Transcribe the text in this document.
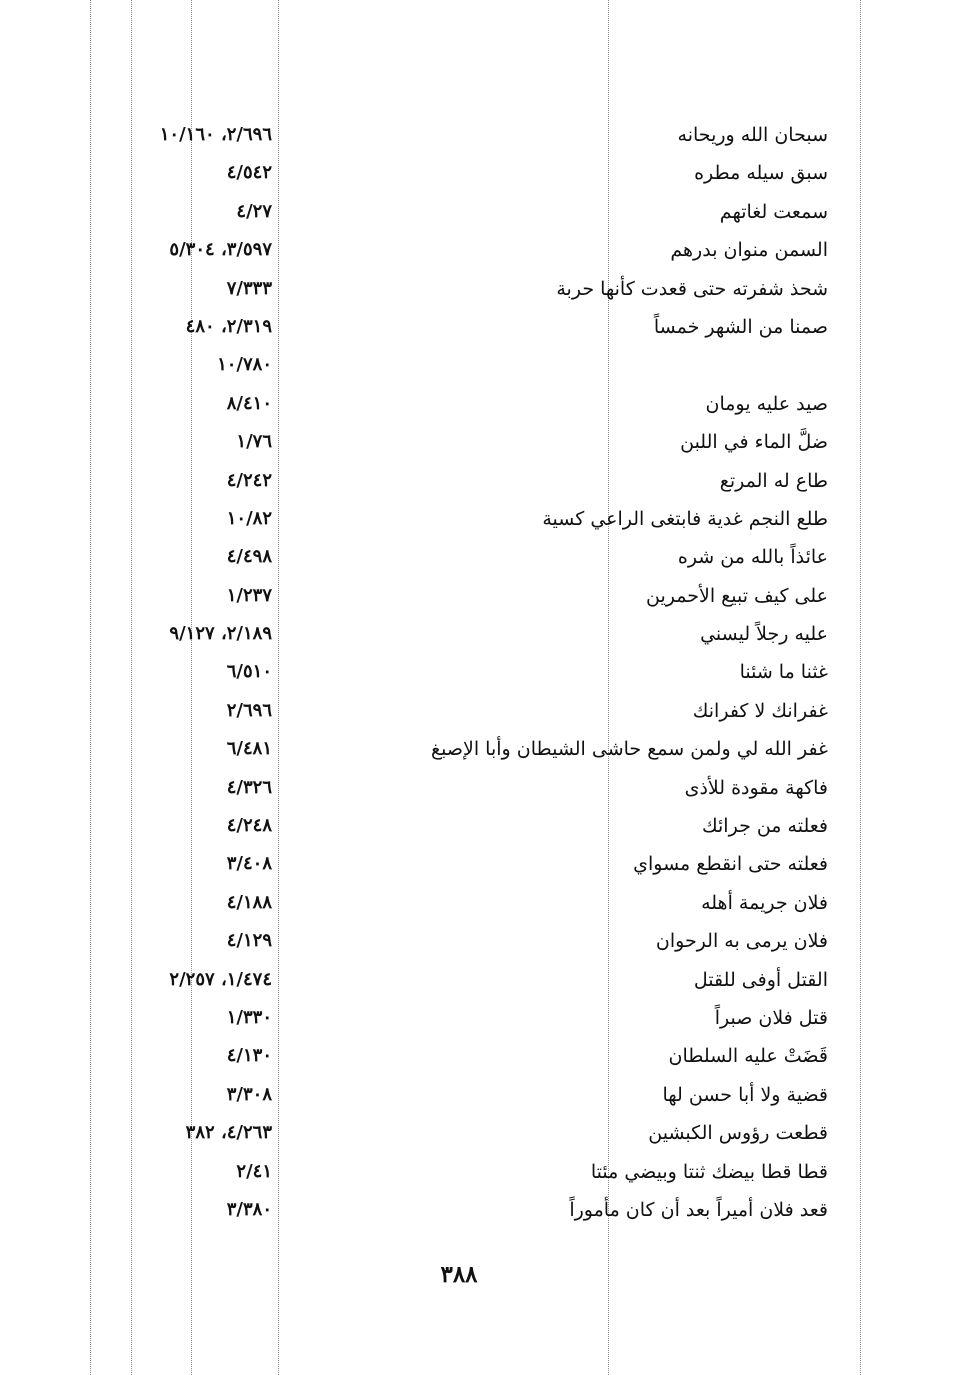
سبحان الله وريحانه
٢/٦٩٦، ١٠/١٦٠
سبق سيله مطره
٤/٥٤٢
سمعت لغاتهم
٤/٢٧
السمن منوان بدرهم
٣/٥٩٧، ٥/٣٠٤
شحذ شفرته حتى قعدت كأنها حربة
٧/٣٣٣
صمنا من الشهر خمساً
٢/٣١٩، ٤٨٠
١٠/٧٨٠
صيد عليه يومان
٨/٤١٠
ضلَّ الماء في اللبن
١/٧٦
طاع له المرتع
٤/٢٤٢
طلع النجم غدية فابتغى الراعي كسية
١٠/٨٢
عائذاً بالله من شره
٤/٤٩٨
على كيف تبيع الأحمرين
١/٢٣٧
عليه رجلاً ليسني
٢/١٨٩، ٩/١٢٧
غثنا ما شئنا
٦/٥١٠
غفرانك لا كفرانك
٢/٦٩٦
غفر الله لي ولمن سمع حاشى الشيطان وأبا الإصبغ
٦/٤٨١
فاكهة مقودة للأذى
٤/٣٢٦
فعلته من جرائك
٤/٢٤٨
فعلته حتى انقطع مسواي
٣/٤٠٨
فلان جريمة أهله
٤/١٨٨
فلان يرمى به الرحوان
٤/١٢٩
القتل أوفى للقتل
١/٤٧٤، ٢/٢٥٧
قتل فلان صبراً
١/٣٣٠
قَضَتْ عليه السلطان
٤/١٣٠
قضية ولا أبا حسن لها
٣/٣٠٨
قطعت رؤوس الكبشين
٤/٢٦٣، ٣٨٢
قطا قطا بيضك ثنتا وبيضي مئتا
٢/٤١
قعد فلان أميراً بعد أن كان مأموراً
٣/٣٨٠
٣٨٨
